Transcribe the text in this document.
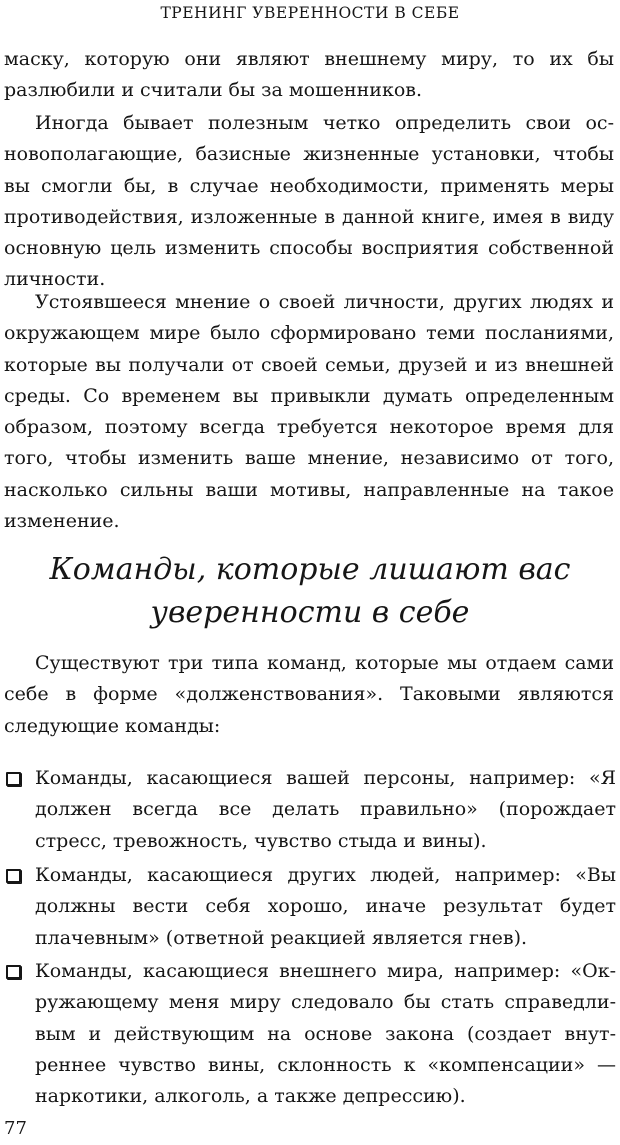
ТРЕНИНГ УВЕРЕННОСТИ В СЕБЕ

маску, которую они являют внешнему миру, то их бы разлюбили и считали бы за мошенников.

Иногда бывает полезным четко определить свои основополагающие, базисные жизненные установки, чтобы вы смогли бы, в случае необходимости, применять меры противодействия, изложенные в данной книге, имея в виду основную цель изменить способы восприятия собственной личности.

Устоявшееся мнение о своей личности, других людях и окружающем мире было сформировано теми посланиями, которые вы получали от своей семьи, друзей и из внешней среды. Со временем вы привыкли думать определенным образом, поэтому всегда требуется некоторое время для того, чтобы изменить ваше мнение, независимо от того, насколько сильны ваши мотивы, направленные на такое изменение.

Команды, которые лишают вас
уверенности в себе

Существуют три типа команд, которые мы отдаем сами себе в форме «долженствования». Таковыми являются следующие команды:

Команды, касающиеся вашей персоны, например: «Я должен всегда все делать правильно» (порождает стресс, тревожность, чувство стыда и вины).
Команды, касающиеся других людей, например: «Вы должны вести себя хорошо, иначе результат будет плачевным» (ответной реакцией является гнев).
Команды, касающиеся внешнего мира, например: «Окружающему меня миру следовало бы стать справедливым и действующим на основе закона (создает внутреннее чувство вины, склонность к «компенсации» — наркотики, алкоголь, а также депрессию).
77
